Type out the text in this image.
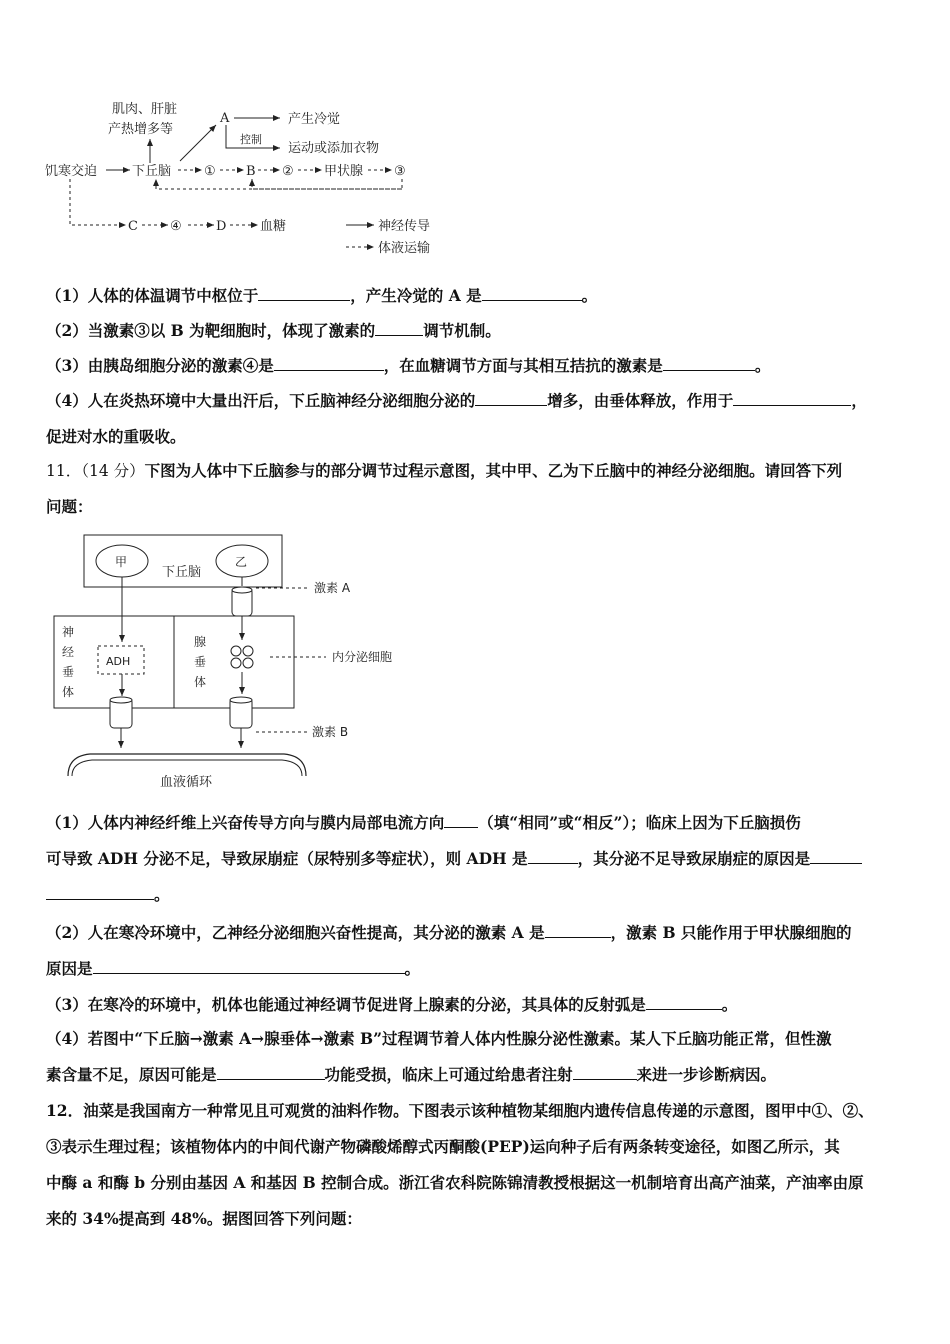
肌肉、肝脏
产热增多等
A	产生冷觉
控制
运动或添加衣物
饥寒交迫	下丘脑	① B ② 甲状腺 ③
C ④	D	血糖	神经传导
体液运输
（1）人体的体温调节中枢位于	，产生冷觉的 A 是	。
（2）当激素③以 B 为靶细胞时，体现了激素的	调节机制。
（3）由胰岛细胞分泌的激素④是	，在血糖调节方面与其相互拮抗的激素是	。
（4）人在炎热环境中大量出汗后，下丘脑神经分泌细胞分泌的	增多，由垂体释放，作用于	，
促进对水的重吸收。
11．（14 分）下图为人体中下丘脑参与的部分调节过程示意图，其中甲、乙为下丘脑中的神经分泌细胞。请回答下列
问题：
甲	乙
下丘脑
激素 A
神
经
垂
体
腺
垂
体
ADH	内分泌细胞
激素 B
血液循环
（1）人体内神经纤维上兴奋传导方向与膜内局部电流方向 （填“相同”或“相反”）；临床上因为下丘脑损伤
可导致 ADH 分泌不足，导致尿崩症（尿特别多等症状），则 ADH 是	，其分泌不足导致尿崩症的原因是
。
（2）人在寒冷环境中，乙神经分泌细胞兴奋性提高，其分泌的激素 A 是	，激素 B 只能作用于甲状腺细胞的
原因是	。
（3）在寒冷的环境中，机体也能通过神经调节促进肾上腺素的分泌，其具体的反射弧是	。
（4）若图中“下丘脑→激素 A→腺垂体→激素 B”过程调节着人体内性腺分泌性激素。某人下丘脑功能正常，但性激
素含量不足，原因可能是	功能受损，临床上可通过给患者注射	来进一步诊断病因。
12．油菜是我国南方一种常见且可观赏的油料作物。下图表示该种植物某细胞内遗传信息传递的示意图，图甲中①、②、
③表示生理过程；该植物体内的中间代谢产物磷酸烯醇式丙酮酸(PEP)运向种子后有两条转变途径，如图乙所示，其
中酶 a 和酶 b 分别由基因 A 和基因 B 控制合成。浙江省农科院陈锦清教授根据这一机制培育出高产油菜，产油率由原
来的 34%提高到 48%。据图回答下列问题：
